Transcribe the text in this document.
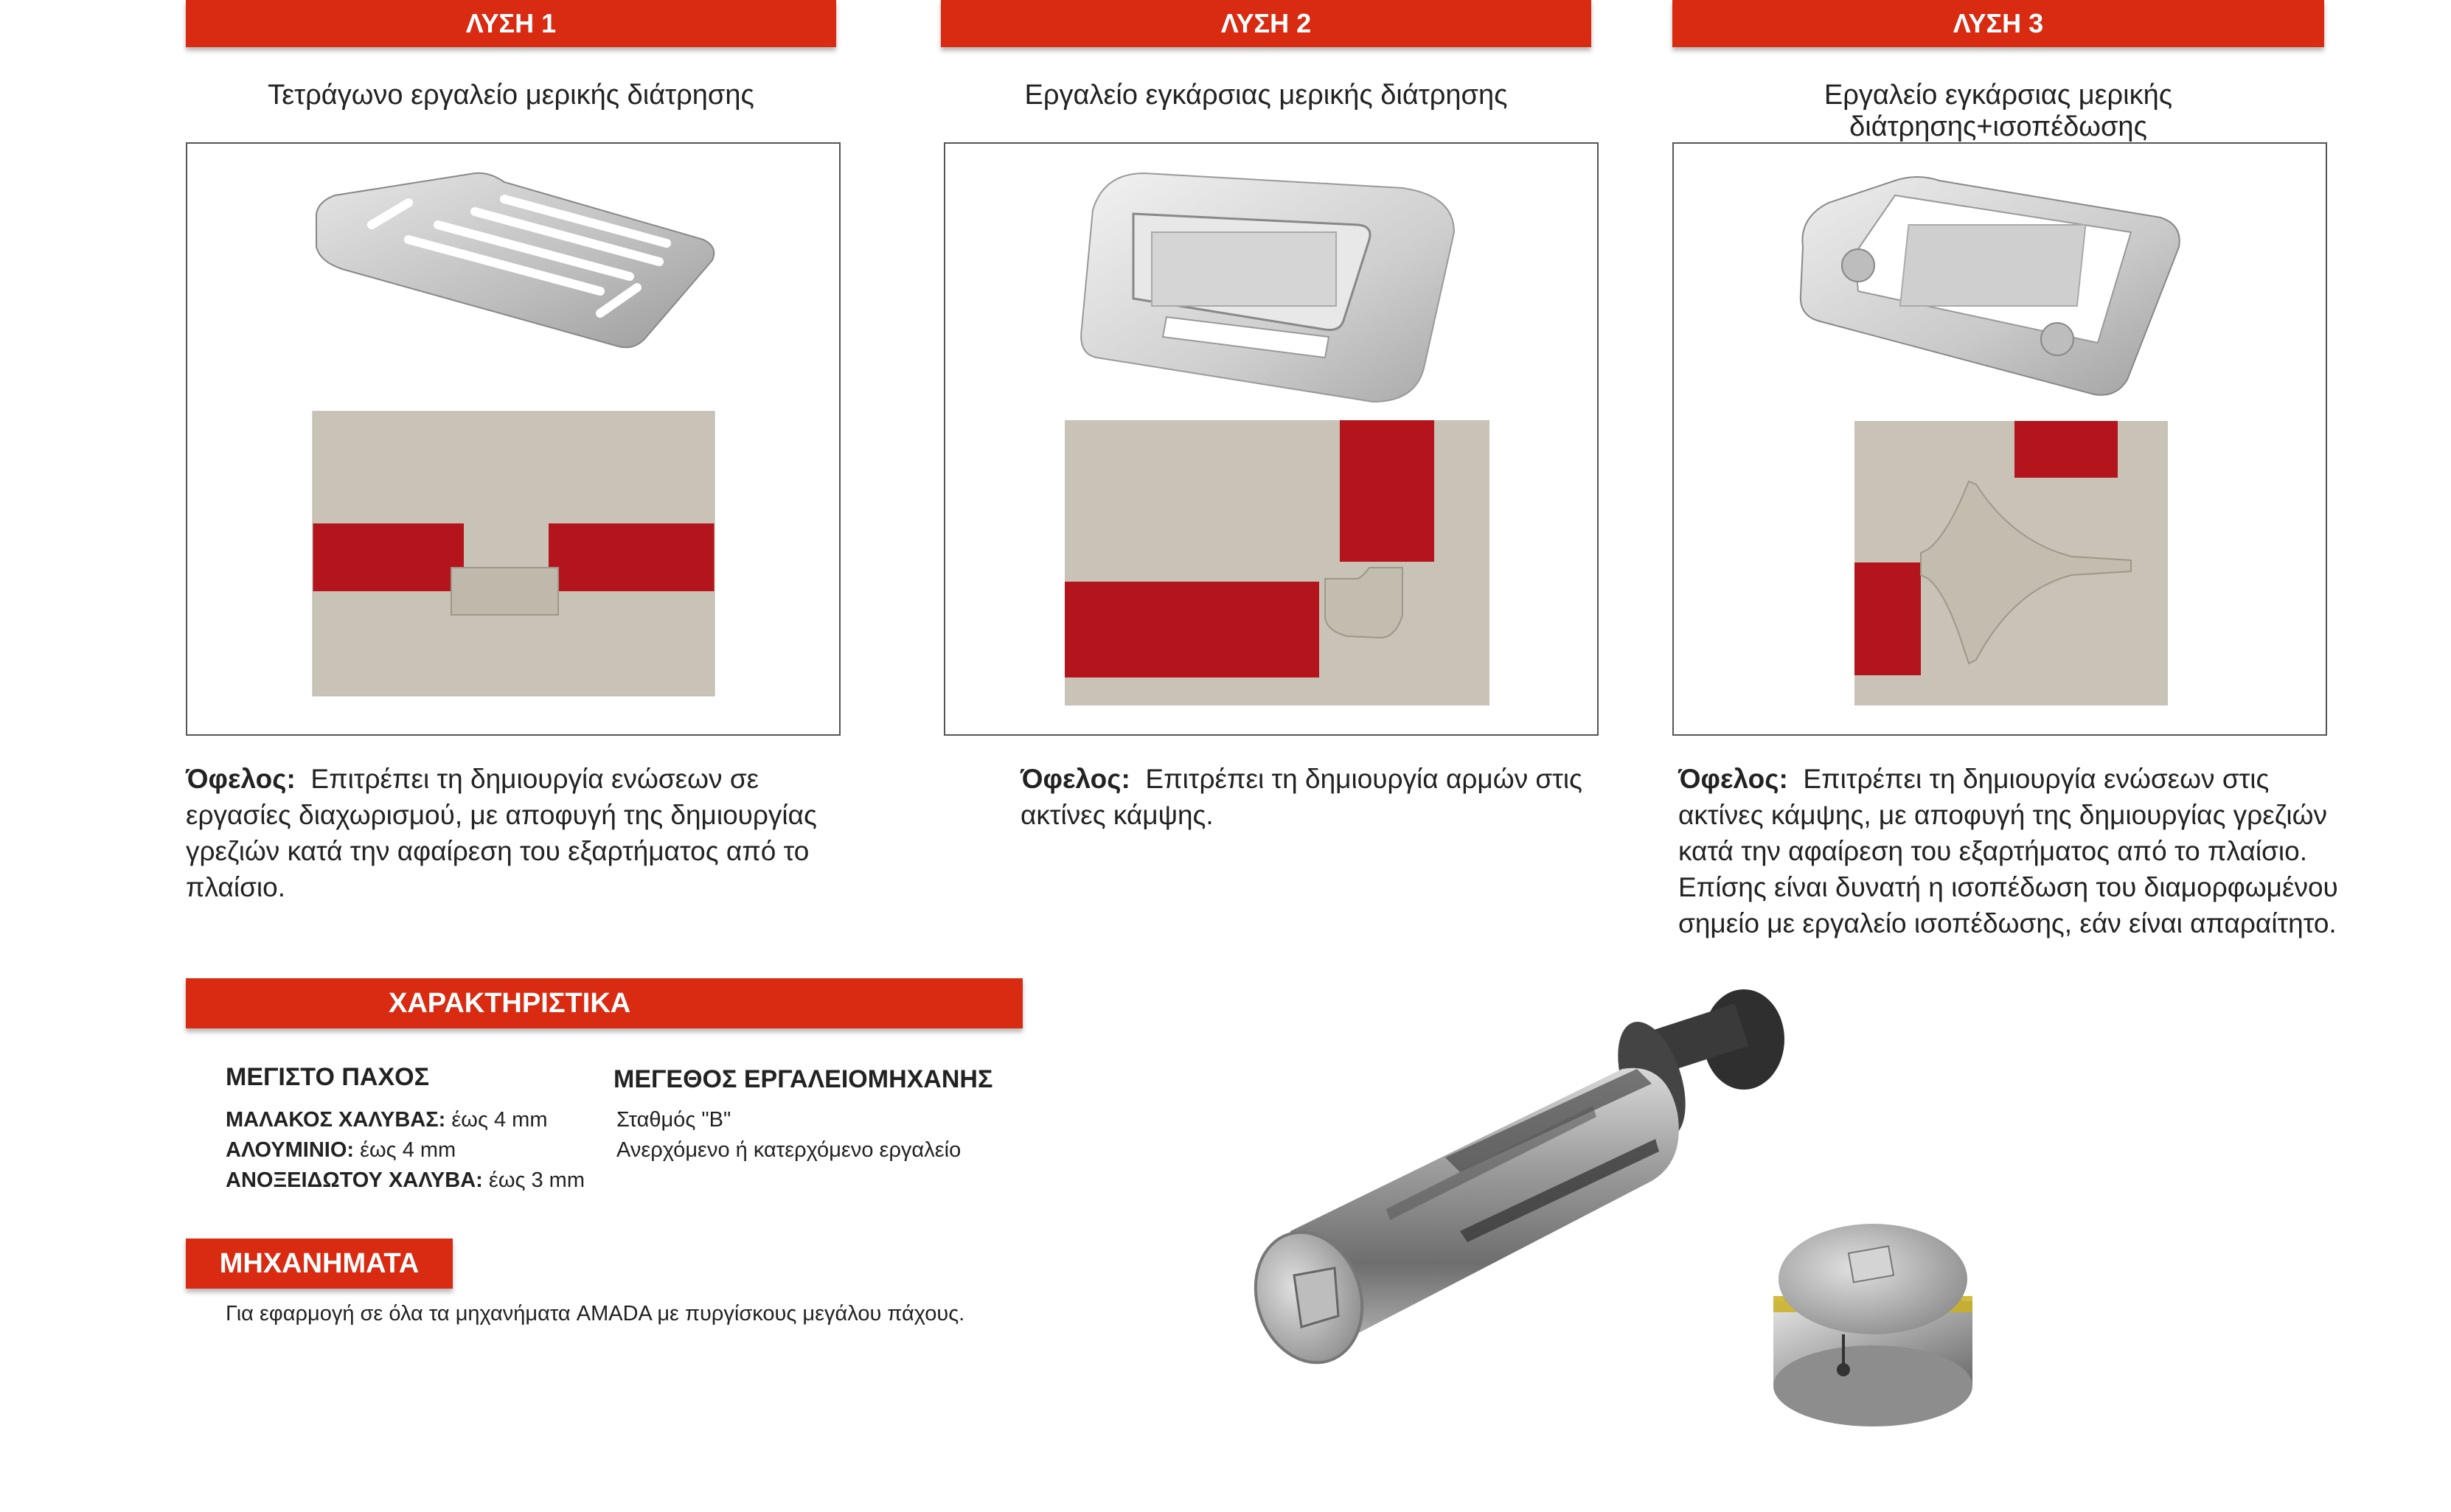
ΛΥΣΗ 1	ΛΥΣΗ 2	ΛΥΣΗ 3
Τετράγωνο εργαλείο μερικής διάτρησης	Εργαλείο εγκάρσιας μερικής διάτρησης	Εργαλείο εγκάρσιας μερικής διάτρησης+ισοπέδωσης
Όφελος: Επιτρέπει τη δημιουργία ενώσεων σε εργασίες διαχωρισμού, με αποφυγή της δημιουργίας γρεζιών κατά την αφαίρεση του εξαρτήματος από το πλαίσιο.
Όφελος: Επιτρέπει τη δημιουργία αρμών στις ακτίνες κάμψης.
Όφελος: Επιτρέπει τη δημιουργία ενώσεων στις ακτίνες κάμψης, με αποφυγή της δημιουργίας γρεζιών κατά την αφαίρεση του εξαρτήματος από το πλαίσιο. Επίσης είναι δυνατή η ισοπέδωση του διαμορφωμένου σημείο με εργαλείο ισοπέδωσης, εάν είναι απαραίτητο.
ΧΑΡΑΚΤΗΡΙΣΤΙΚΑ
ΜΕΓΙΣΤΟ ΠΑΧΟΣ
ΜΑΛΑΚΟΣ ΧΑΛΥΒΑΣ: έως 4 mm
ΑΛΟΥΜΙΝΙΟ: έως 4 mm
ΑΝΟΞΕΙΔΩΤΟΥ ΧΑΛΥΒΑ: έως 3 mm
ΜΕΓΕΘΟΣ ΕΡΓΑΛΕΙΟΜΗΧΑΝΗΣ
Σταθμός "B"
Ανερχόμενο ή κατερχόμενο εργαλείο
ΜΗΧΑΝΗΜΑΤΑ
Για εφαρμογή σε όλα τα μηχανήματα AMADA με πυργίσκους μεγάλου πάχους.
